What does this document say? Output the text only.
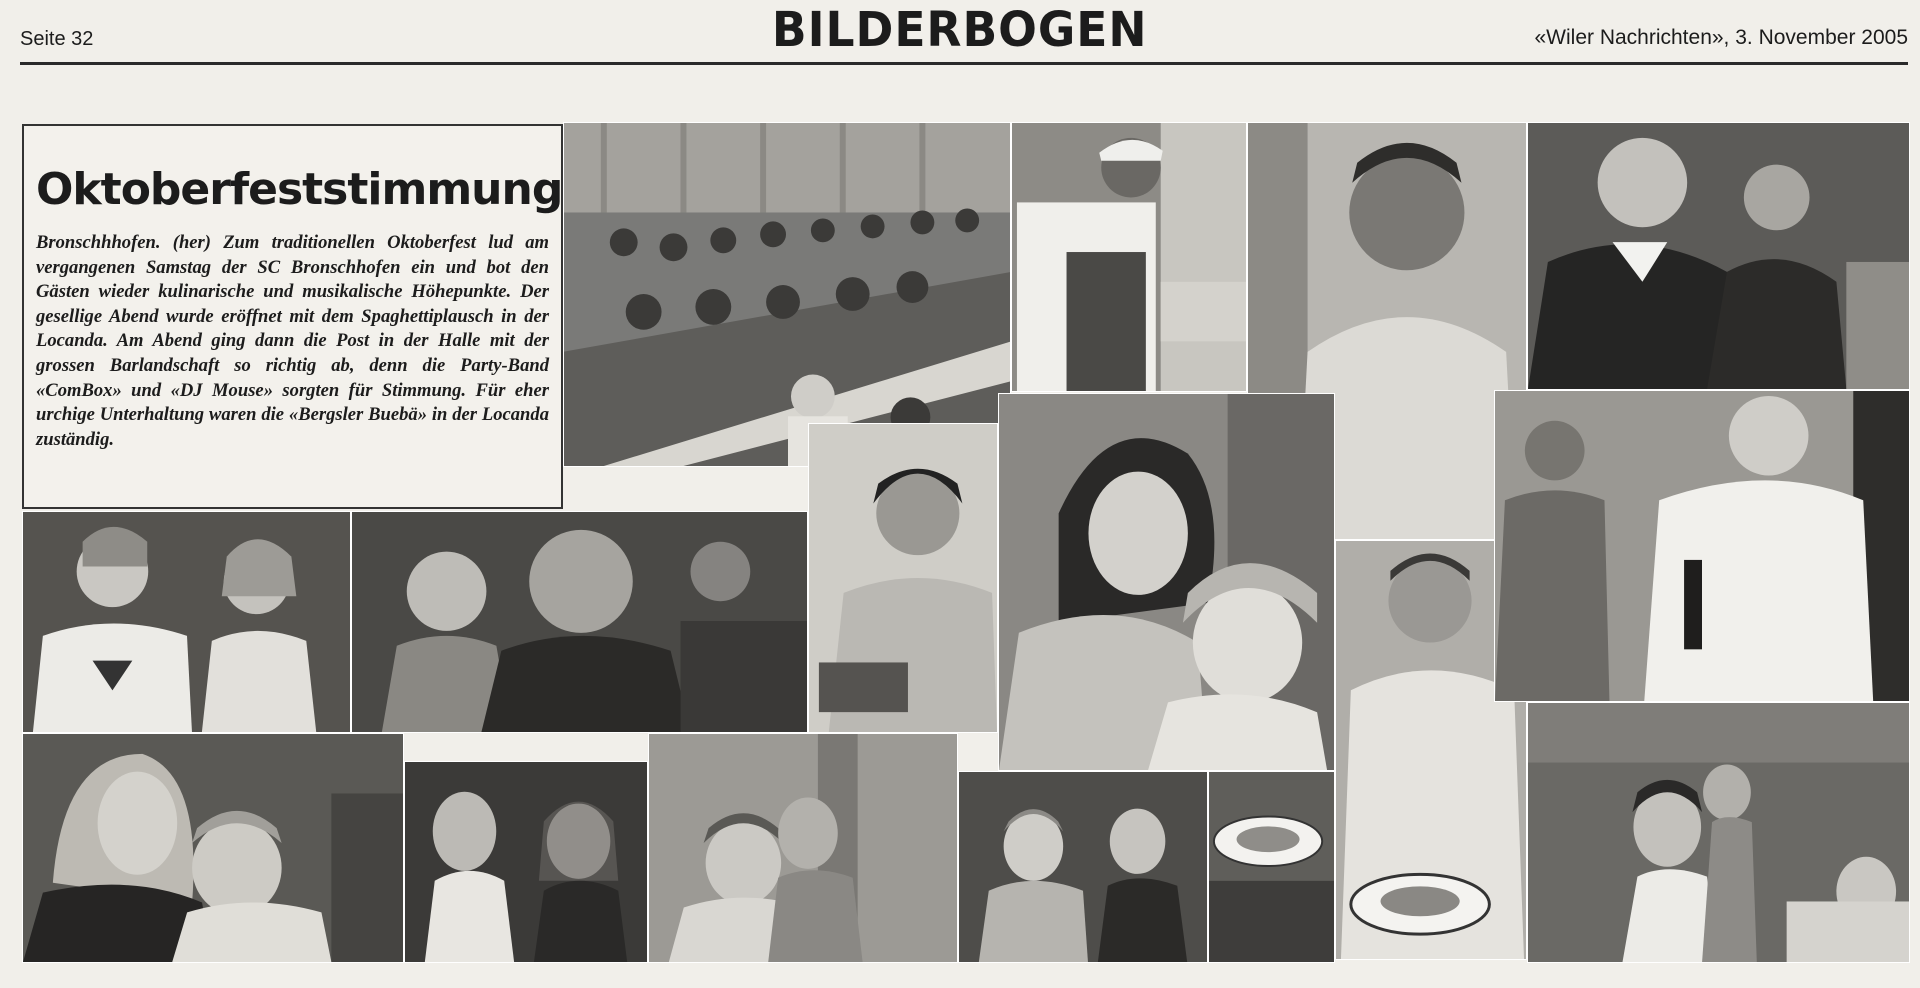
Seite 32	BILDERBOGEN	«Wiler Nachrichten», 3. November 2005
Oktoberfeststimmung
Bronschhhofen. (her) Zum traditionellen Oktoberfest lud am vergangenen Samstag der SC Bronschhofen ein und bot den Gästen wieder kulinarische und musikalische Höhepunkte. Der gesellige Abend wurde eröffnet mit dem Spaghettiplausch in der Locanda. Am Abend ging dann die Post in der Halle mit der grossen Barlandschaft so richtig ab, denn die Party-Band «ComBox» und «DJ Mouse» sorgten für Stimmung. Für eher urchige Unterhaltung waren die «Bergsler Buebä» in der Locanda zuständig.
